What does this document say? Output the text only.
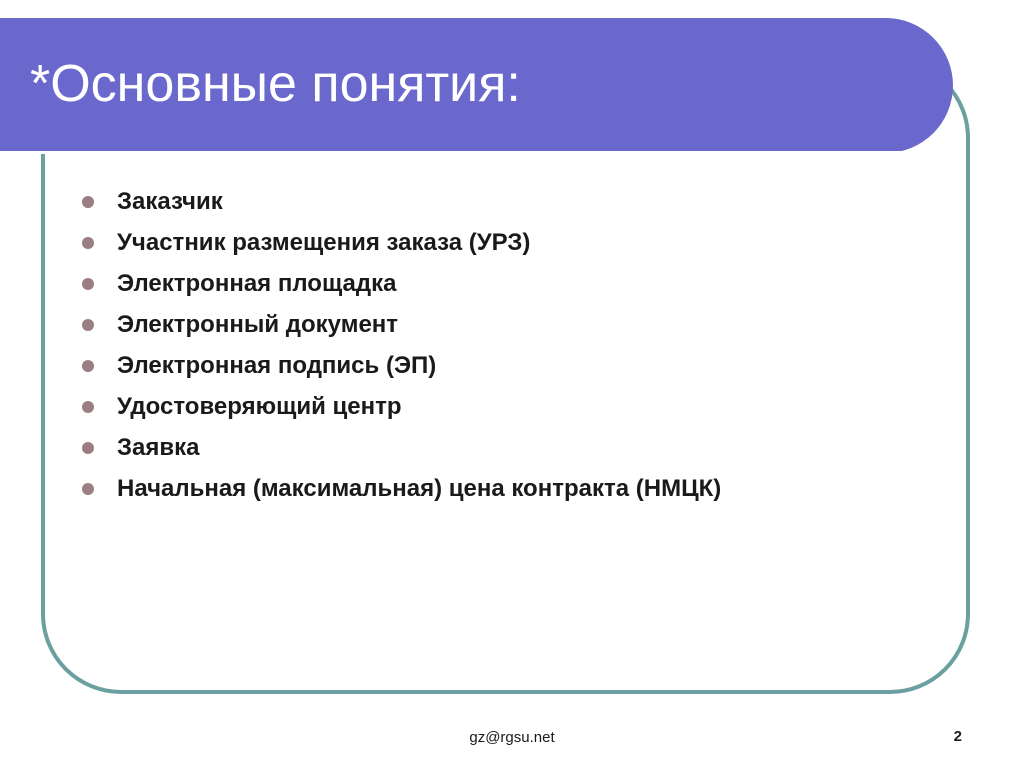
*Основные понятия:
Заказчик
Участник размещения заказа (УРЗ)
Электронная площадка
Электронный документ
Электронная подпись (ЭП)
Удостоверяющий центр
Заявка
Начальная (максимальная) цена контракта (НМЦК)
gz@rgsu.net	2
